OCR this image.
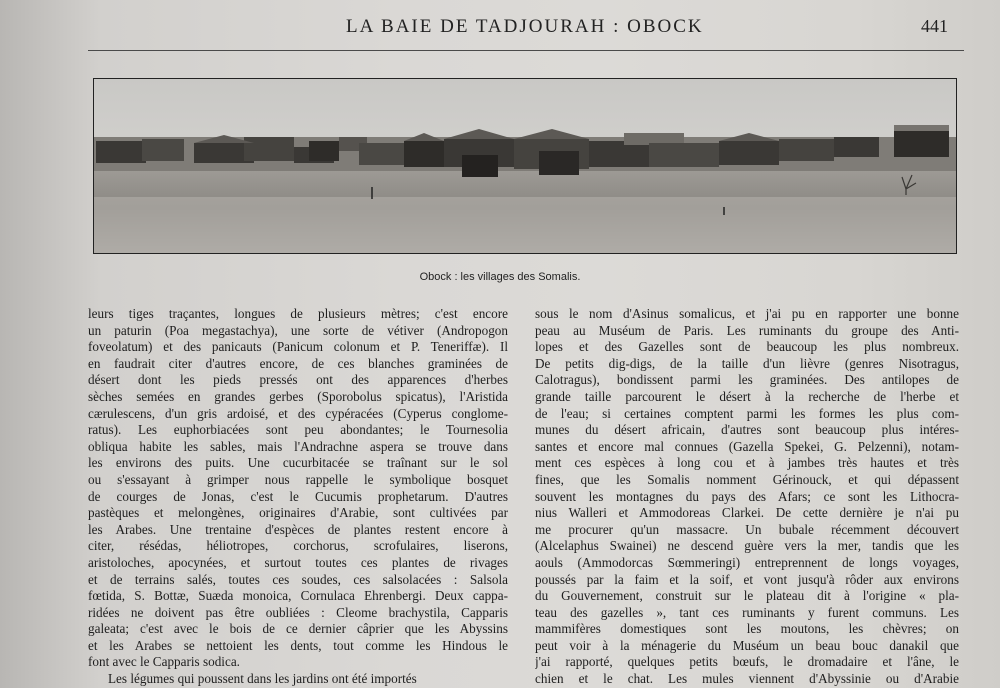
LA BAIE DE TADJOURAH : OBOCK	441
Obock : les villages des Somalis.
leurs tiges traçantes, longues de plusieurs mètres; c'est encore
un paturin (Poa megastachya), une sorte de vétiver (Andropogon
foveolatum) et des panicauts (Panicum colonum et P. Teneriffæ). Il
en faudrait citer d'autres encore, de ces blanches graminées de
désert dont les pieds pressés ont des apparences d'herbes
sèches semées en grandes gerbes (Sporobolus spicatus), l'Aristida
cærulescens, d'un gris ardoisé, et des cypéracées (Cyperus conglome-
ratus). Les euphorbiacées sont peu abondantes; le Tournesolia
obliqua habite les sables, mais l'Andrachne aspera se trouve dans
les environs des puits. Une cucurbitacée se traînant sur le sol
ou s'essayant à grimper nous rappelle le symbolique bosquet
de courges de Jonas, c'est le Cucumis prophetarum. D'autres
pastèques et melongènes, originaires d'Arabie, sont cultivées par
les Arabes. Une trentaine d'espèces de plantes restent encore à
citer, résédas, héliotropes, corchorus, scrofulaires, liserons,
aristoloches, apocynées, et surtout toutes ces plantes de rivages
et de terrains salés, toutes ces soudes, ces salsolacées : Salsola
fœtida, S. Bottæ, Suæda monoica, Cornulaca Ehrenbergi. Deux cappa-
ridées ne doivent pas être oubliées : Cleome brachystila, Capparis
galeata; c'est avec le bois de ce dernier câprier que les Abyssins
et les Arabes se nettoient les dents, tout comme les Hindous le
font avec le Capparis sodica.
Les légumes qui poussent dans les jardins ont été importés
sous le nom d'Asinus somalicus, et j'ai pu en rapporter une bonne
peau au Muséum de Paris. Les ruminants du groupe des Anti-
lopes et des Gazelles sont de beaucoup les plus nombreux.
De petits dig-digs, de la taille d'un lièvre (genres Nisotragus,
Calotragus), bondissent parmi les graminées. Des antilopes de
grande taille parcourent le désert à la recherche de l'herbe et
de l'eau; si certaines comptent parmi les formes les plus com-
munes du désert africain, d'autres sont beaucoup plus intéres-
santes et encore mal connues (Gazella Spekei, G. Pelzenni), notam-
ment ces espèces à long cou et à jambes très hautes et très
fines, que les Somalis nomment Gérinouck, et qui dépassent
souvent les montagnes du pays des Afars; ce sont les Lithocra-
nius Walleri et Ammodoreas Clarkei. De cette dernière je n'ai pu
me procurer qu'un massacre. Un bubale récemment découvert
(Alcelaphus Swainei) ne descend guère vers la mer, tandis que les
aouls (Ammodorcas Sœmmeringi) entreprennent de longs voyages,
poussés par la faim et la soif, et vont jusqu'à rôder aux environs
du Gouvernement, construit sur le plateau dit à l'origine « pla-
teau des gazelles », tant ces ruminants y furent communs. Les
mammifères domestiques sont les moutons, les chèvres; on
peut voir à la ménagerie du Muséum un beau bouc danakil que
j'ai rapporté, quelques petits bœufs, le dromadaire et l'âne, le
chien et le chat. Les mules viennent d'Abyssinie ou d'Arabie
